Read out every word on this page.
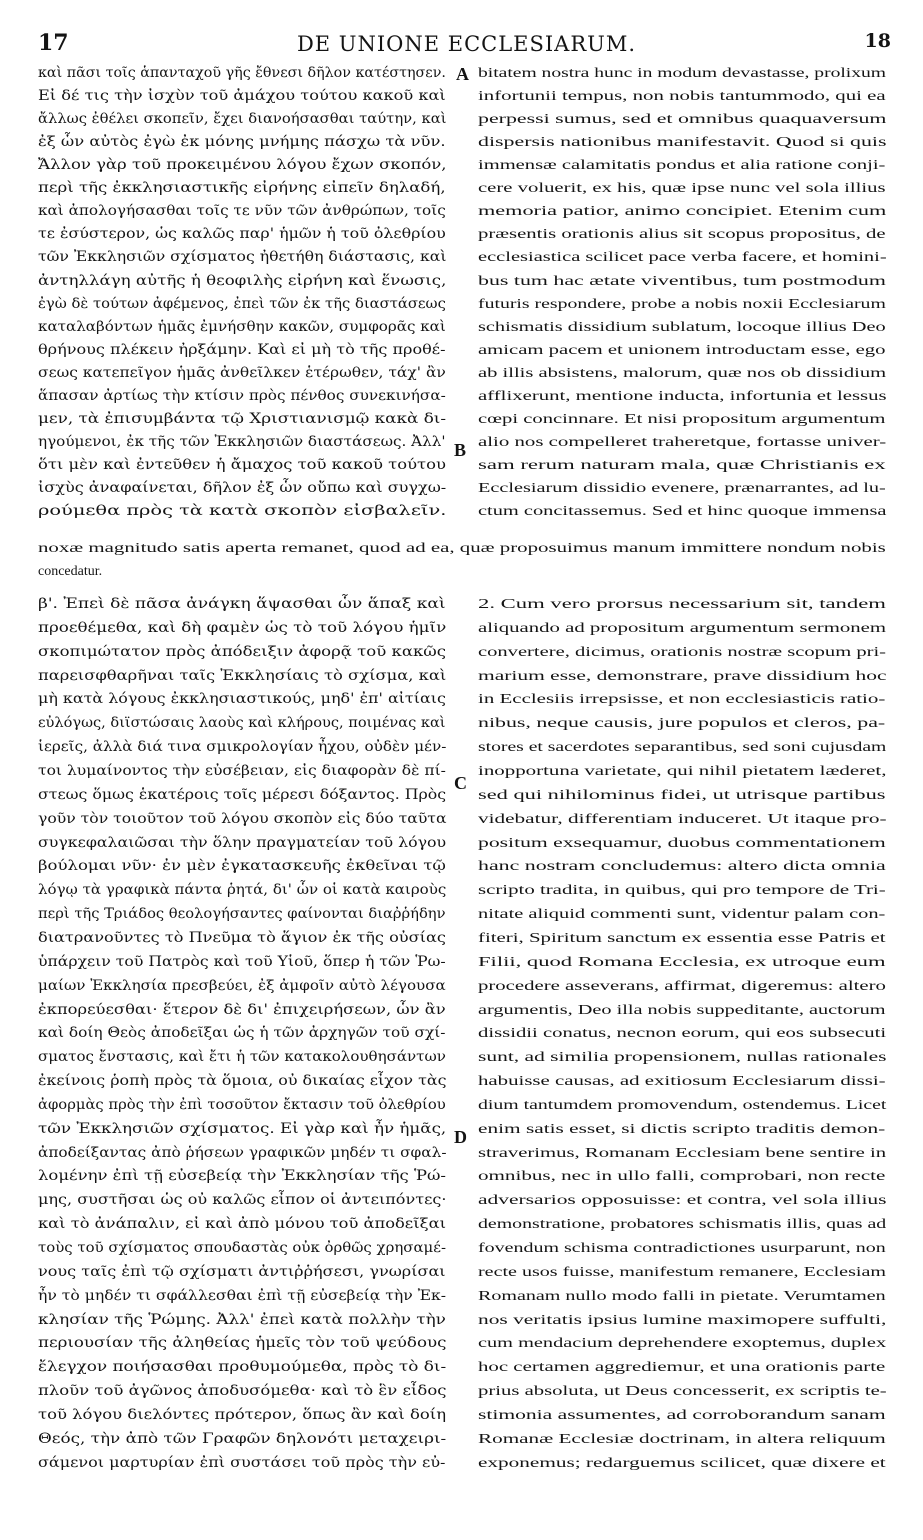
17	DE UNIONE ECCLESIARUM.	18
καὶ πᾶσι τοῖς ἁπανταχοῦ γῆς ἔθνεσι δῆλον κατέστησεν.
Εἰ δέ τις τὴν ἰσχὺν τοῦ ἀμάχου τούτου κακοῦ καὶ
ἄλλως ἐθέλει σκοπεῖν, ἔχει διανοήσασθαι ταύτην, καὶ
ἐξ ὧν αὐτὸς ἐγὼ ἐκ μόνης μνήμης πάσχω τὰ νῦν.
Ἄλλον γὰρ τοῦ προκειμένου λόγου ἔχων σκοπόν,
περὶ τῆς ἐκκλησιαστικῆς εἰρήνης εἰπεῖν δηλαδή,
καὶ ἀπολογήσασθαι τοῖς τε νῦν τῶν ἀνθρώπων, τοῖς
τε ἐσύστερον, ὡς καλῶς παρ' ἡμῶν ἡ τοῦ ὀλεθρίου
τῶν Ἐκκλησιῶν σχίσματος ἠθετήθη διάστασις, καὶ
ἀντηλλάγη αὐτῆς ἡ θεοφιλὴς εἰρήνη καὶ ἕνωσις,
ἐγὼ δὲ τούτων ἀφέμενος, ἐπεὶ τῶν ἐκ τῆς διαστάσεως
καταλαβόντων ἡμᾶς ἐμνήσθην κακῶν, συμφορᾶς καὶ
θρήνους πλέκειν ἠρξάμην. Καὶ εἰ μὴ τὸ τῆς προθέ-
σεως κατεπεῖγον ἡμᾶς ἀνθεῖλκεν ἑτέρωθεν, τάχ' ἂν
ἅπασαν ἀρτίως τὴν κτίσιν πρὸς πένθος συνεκινήσα-
μεν, τὰ ἐπισυμβάντα τῷ Χριστιανισμῷ κακὰ δι-
ηγούμενοι, ἐκ τῆς τῶν Ἐκκλησιῶν διαστάσεως. Ἀλλ'
ὅτι μὲν καὶ ἐντεῦθεν ἡ ἄμαχος τοῦ κακοῦ τούτου
ἰσχὺς ἀναφαίνεται, δῆλον ἐξ ὧν οὔπω καὶ συγχω-
ρούμεθα πρὸς τὰ κατὰ σκοπὸν εἰσβαλεῖν.
bitatem nostra hunc in modum devastasse, prolixum
infortunii tempus, non nobis tantummodo, qui ea
perpessi sumus, sed et omnibus quaquaversum
dispersis nationibus manifestavit. Quod si quis
immensæ calamitatis pondus et alia ratione conji-
cere voluerit, ex his, quæ ipse nunc vel sola illius
memoria patior, animo concipiet. Etenim cum
præsentis orationis alius sit scopus propositus, de
ecclesiastica scilicet pace verba facere, et homini-
bus tum hac ætate viventibus, tum postmodum
futuris respondere, probe a nobis noxii Ecclesiarum
schismatis dissidium sublatum, locoque illius Deo
amicam pacem et unionem introductam esse, ego
ab illis absistens, malorum, quæ nos ob dissidium
afflixerunt, mentione inducta, infortunia et lessus
cœpi concinnare. Et nisi propositum argumentum
alio nos compelleret traheretque, fortasse univer-
sam rerum naturam mala, quæ Christianis ex
Ecclesiarum dissidio evenere, prænarrantes, ad lu-
ctum concitassemus. Sed et hinc quoque immensa
noxæ magnitudo satis aperta remanet, quod ad ea, quæ proposuimus manum immittere nondum nobis
concedatur.
β'. Ἐπεὶ δὲ πᾶσα ἀνάγκη ἅψασθαι ὧν ἅπαξ καὶ
προεθέμεθα, καὶ δὴ φαμὲν ὡς τὸ τοῦ λόγου ἡμῖν
σκοπιμώτατον πρὸς ἀπόδειξιν ἀφορᾷ τοῦ κακῶς
παρεισφθαρῆναι ταῖς Ἐκκλησίαις τὸ σχίσμα, καὶ
μὴ κατὰ λόγους ἐκκλησιαστικούς, μηδ' ἐπ' αἰτίαις
εὐλόγως, διϊστώσαις λαοὺς καὶ κλήρους, ποιμένας καὶ
ἱερεῖς, ἀλλὰ διά τινα σμικρολογίαν ἦχου, οὐδὲν μέν-
τοι λυμαίνοντος τὴν εὐσέβειαν, εἰς διαφορὰν δὲ πί-
στεως ὅμως ἑκατέροις τοῖς μέρεσι δόξαντος. Πρὸς
γοῦν τὸν τοιοῦτον τοῦ λόγου σκοπὸν εἰς δύο ταῦτα
συγκεφαλαιῶσαι τὴν ὅλην πραγματείαν τοῦ λόγου
βούλομαι νῦν· ἐν μὲν ἐγκατασκευῆς ἐκθεῖναι τῷ
λόγῳ τὰ γραφικὰ πάντα ῥητά, δι' ὧν οἱ κατὰ καιροὺς
περὶ τῆς Τριάδος θεολογήσαντες φαίνονται διαῤῥήδην
διατρανοῦντες τὸ Πνεῦμα τὸ ἅγιον ἐκ τῆς οὐσίας
ὑπάρχειν τοῦ Πατρὸς καὶ τοῦ Υἱοῦ, ὅπερ ἡ τῶν Ῥω-
μαίων Ἐκκλησία πρεσβεύει, ἐξ ἀμφοῖν αὐτὸ λέγουσα
ἐκπορεύεσθαι· ἕτερον δὲ δι' ἐπιχειρήσεων, ὧν ἂν
καὶ δοίη Θεὸς ἀποδεῖξαι ὡς ἡ τῶν ἀρχηγῶν τοῦ σχί-
σματος ἔνστασις, καὶ ἔτι ἡ τῶν κατακολουθησάντων
ἐκείνοις ῥοπὴ πρὸς τὰ ὅμοια, οὐ δικαίας εἶχον τὰς
ἀφορμὰς πρὸς τὴν ἐπὶ τοσοῦτον ἔκτασιν τοῦ ὀλεθρίου
τῶν Ἐκκλησιῶν σχίσματος. Εἰ γὰρ καὶ ἦν ἡμᾶς,
ἀποδείξαντας ἀπὸ ῥήσεων γραφικῶν μηδέν τι σφαλ-
λομένην ἐπὶ τῇ εὐσεβείᾳ τὴν Ἐκκλησίαν τῆς Ῥώ-
μης, συστῆσαι ὡς οὐ καλῶς εἶπον οἱ ἀντειπόντες·
καὶ τὸ ἀνάπαλιν, εἰ καὶ ἀπὸ μόνου τοῦ ἀποδεῖξαι
τοὺς τοῦ σχίσματος σπουδαστὰς οὐκ ὀρθῶς χρησαμέ-
νους ταῖς ἐπὶ τῷ σχίσματι ἀντιῤῥήσεσι, γνωρίσαι
ἦν τὸ μηδέν τι σφάλλεσθαι ἐπὶ τῇ εὐσεβείᾳ τὴν Ἐκ-
κλησίαν τῆς Ῥώμης. Ἀλλ' ἐπεὶ κατὰ πολλὴν τὴν
περιουσίαν τῆς ἀληθείας ἡμεῖς τὸν τοῦ ψεύδους
ἔλεγχον ποιήσασθαι προθυμούμεθα, πρὸς τὸ δι-
πλοῦν τοῦ ἀγῶνος ἀποδυσόμεθα· καὶ τὸ ἓν εἶδος
τοῦ λόγου διελόντες πρότερον, ὅπως ἂν καὶ δοίη
Θεός, τὴν ἀπὸ τῶν Γραφῶν δηλονότι μεταχειρι-
σάμενοι μαρτυρίαν ἐπὶ συστάσει τοῦ πρὸς τὴν εὐ-
2. Cum vero prorsus necessarium sit, tandem
aliquando ad propositum argumentum sermonem
convertere, dicimus, orationis nostræ scopum pri-
marium esse, demonstrare, prave dissidium hoc
in Ecclesiis irrepsisse, et non ecclesiasticis ratio-
nibus, neque causis, jure populos et cleros, pa-
stores et sacerdotes separantibus, sed soni cujusdam
inopportuna varietate, qui nihil pietatem læderet,
sed qui nihilominus fidei, ut utrisque partibus
videbatur, differentiam induceret. Ut itaque pro-
positum exsequamur, duobus commentationem
hanc nostram concludemus: altero dicta omnia
scripto tradita, in quibus, qui pro tempore de Tri-
nitate aliquid commenti sunt, videntur palam con-
fiteri, Spiritum sanctum ex essentia esse Patris et
Filii, quod Romana Ecclesia, ex utroque eum
procedere asseverans, affirmat, digeremus: altero
argumentis, Deo illa nobis suppeditante, auctorum
dissidii conatus, necnon eorum, qui eos subsecuti
sunt, ad similia propensionem, nullas rationales
habuisse causas, ad exitiosum Ecclesiarum dissi-
dium tantumdem promovendum, ostendemus. Licet
enim satis esset, si dictis scripto traditis demon-
straverimus, Romanam Ecclesiam bene sentire in
omnibus, nec in ullo falli, comprobari, non recte
adversarios opposuisse: et contra, vel sola illius
demonstratione, probatores schismatis illis, quas ad
fovendum schisma contradictiones usurparunt, non
recte usos fuisse, manifestum remanere, Ecclesiam
Romanam nullo modo falli in pietate. Verumtamen
nos veritatis ipsius lumine maximopere suffulti,
cum mendacium deprehendere exoptemus, duplex
hoc certamen aggrediemur, et una orationis parte
prius absoluta, ut Deus concesserit, ex scriptis te-
stimonia assumentes, ad corroborandum sanam
Romanæ Ecclesiæ doctrinam, in altera reliquum
exponemus; redarguemus scilicet, quæ dixere et
A
B
C
D
